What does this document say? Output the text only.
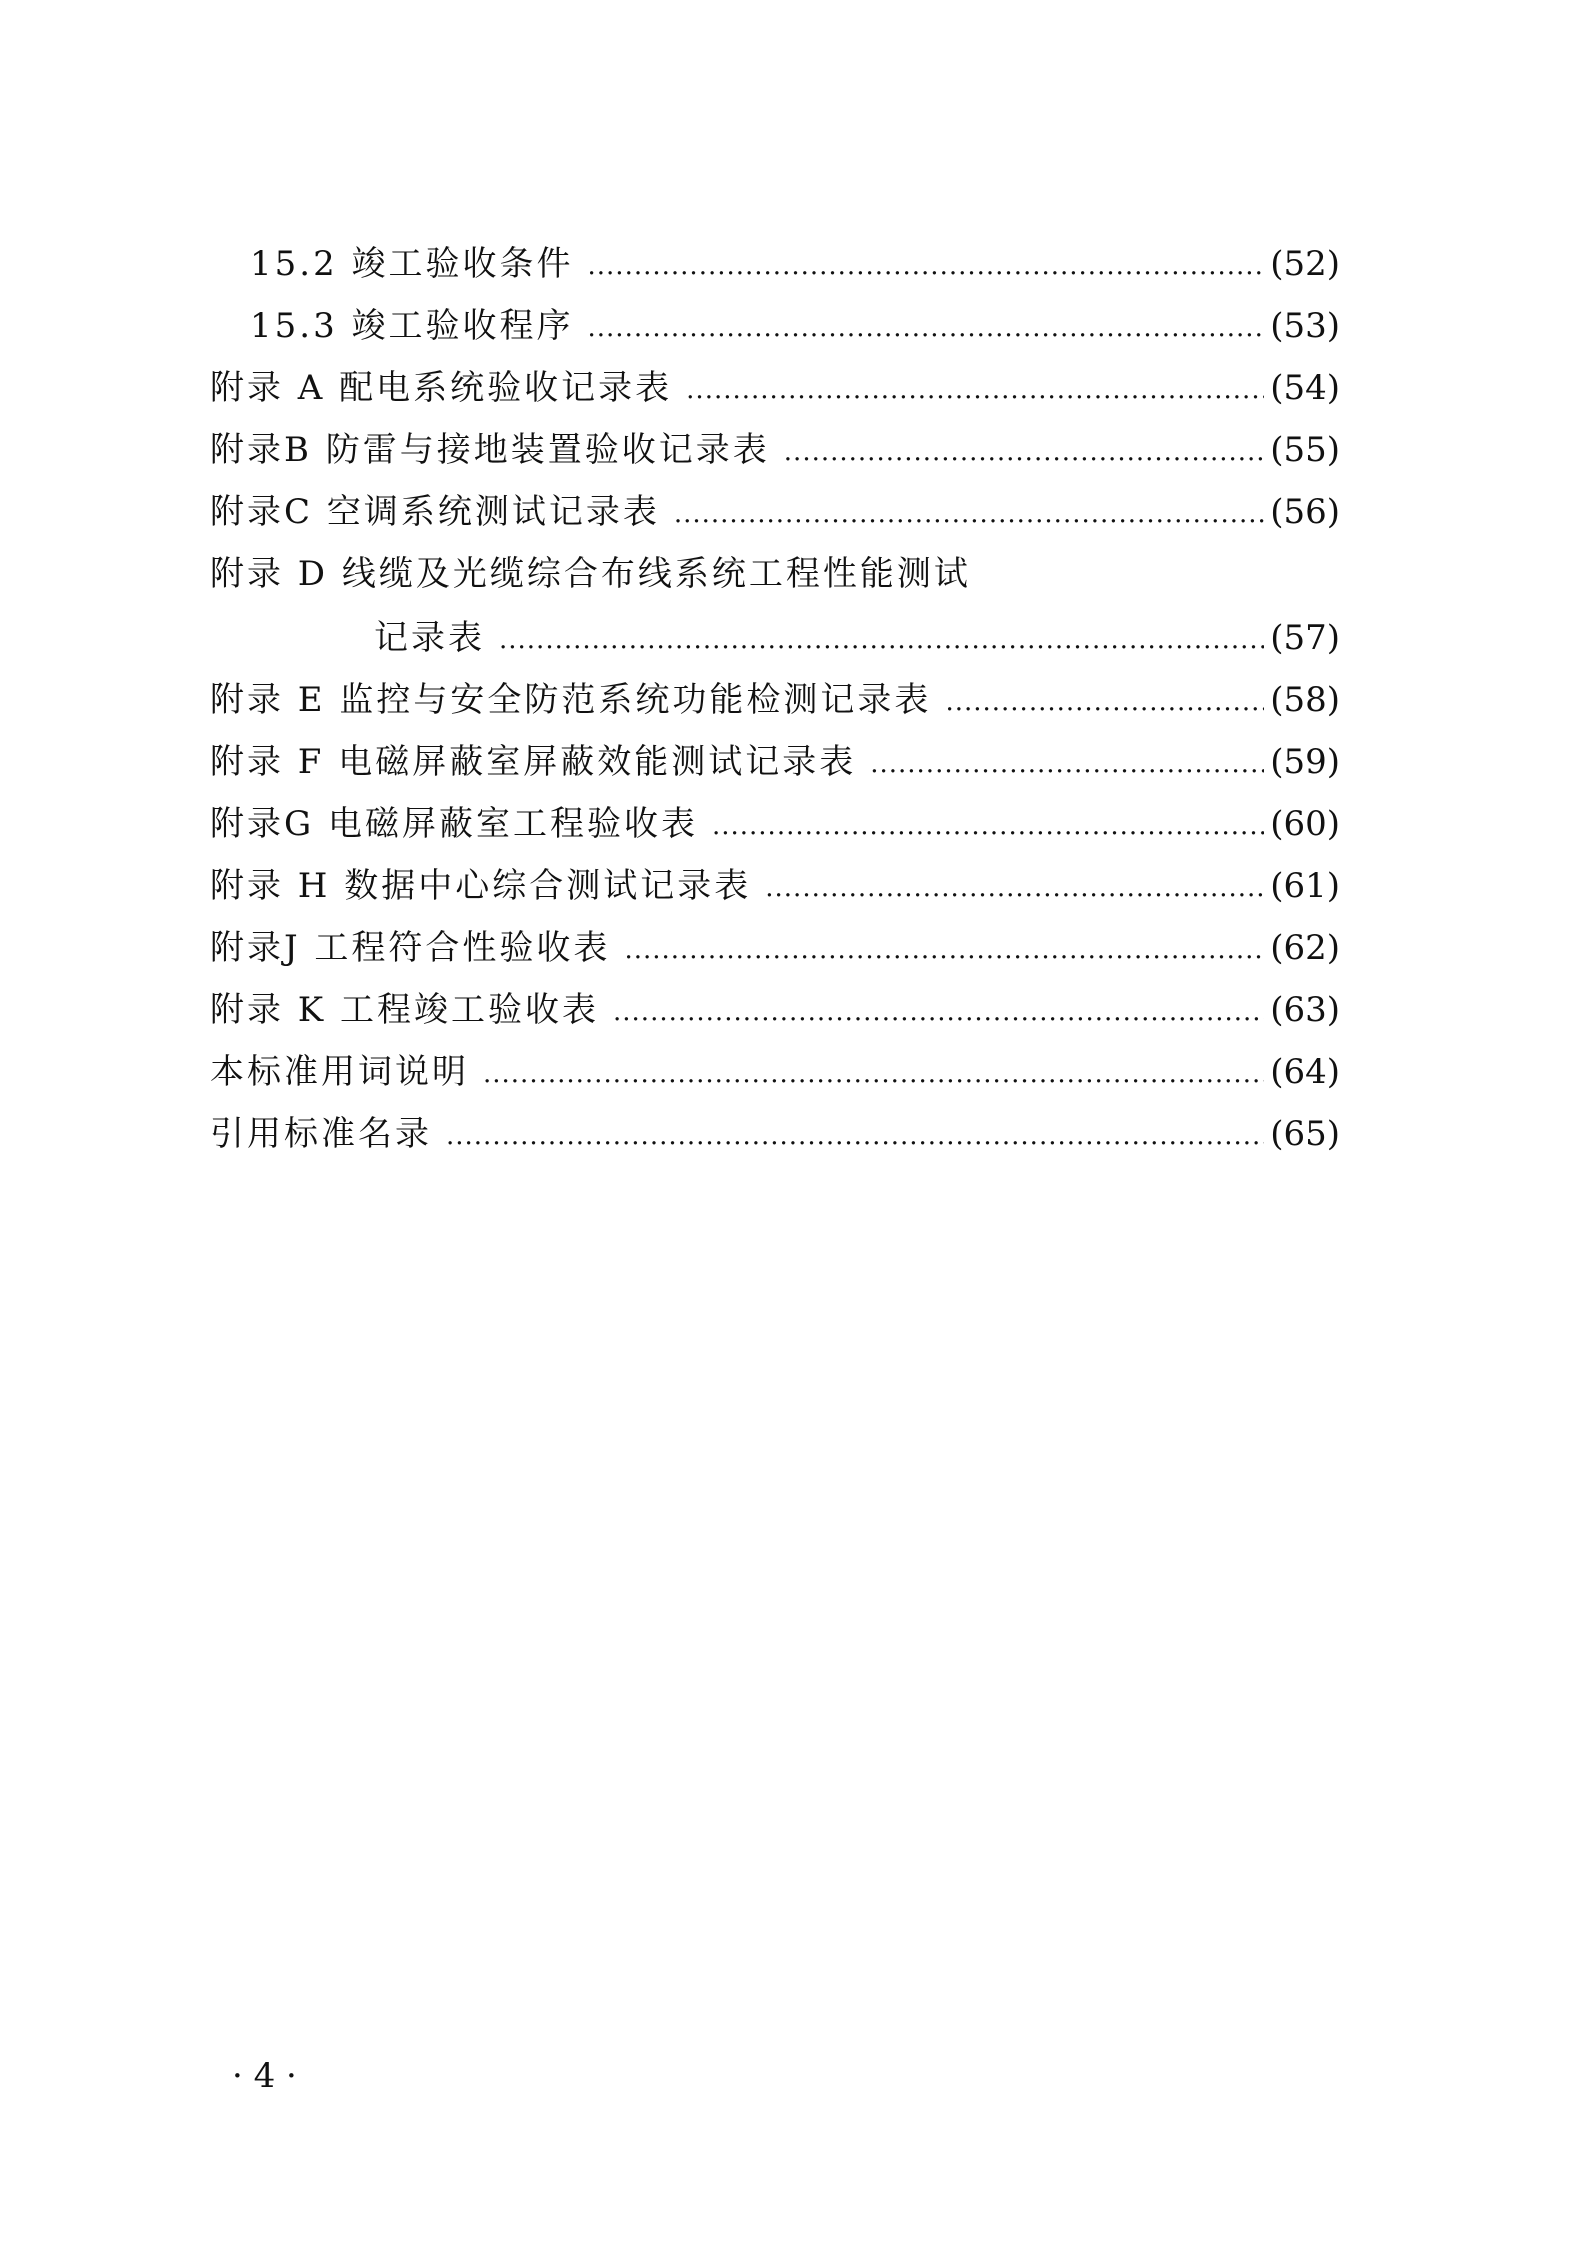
15.2 竣工验收条件 .....	(52)
15.3 竣工验收程序 .....	(53)
附录 A 配电系统验收记录表 .....	(54)
附录B 防雷与接地装置验收记录表 .....	(55)
附录C 空调系统测试记录表 .....	(56)
附录 D 线缆及光缆综合布线系统工程性能测试
记录表 .....	(57)
附录 E 监控与安全防范系统功能检测记录表 .....	(58)
附录 F 电磁屏蔽室屏蔽效能测试记录表 .....	(59)
附录G 电磁屏蔽室工程验收表 .....	(60)
附录 H 数据中心综合测试记录表 .....	(61)
附录J 工程符合性验收表 .....	(62)
附录 K 工程竣工验收表 .....	(63)
本标准用词说明 .....	(64)
引用标准名录 .....	(65)
· 4 ·
